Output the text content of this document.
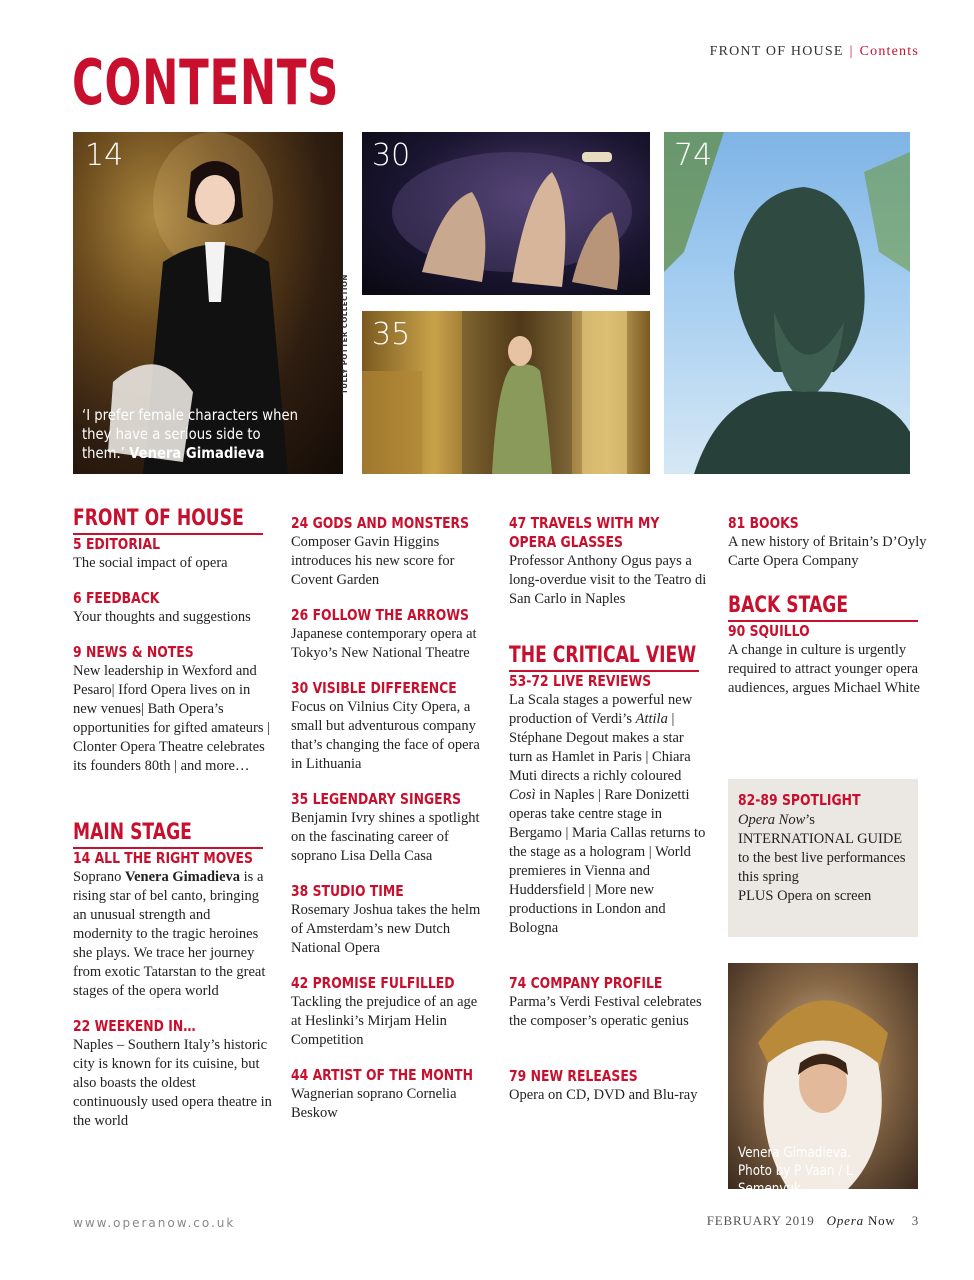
FRONT OF HOUSE | Contents
CONTENTS
14
‘I prefer female characters when they have a serious side to them.’ Venera Gimadieva
30
TULLY POTTER COLLECTION 35
74
FRONT OF HOUSE
5 EDITORIAL
The social impact of opera
6 FEEDBACK
Your thoughts and suggestions
9 NEWS & NOTES
New leadership in Wexford and Pesaro| Iford Opera lives on in new venues| Bath Opera’s opportunities for gifted amateurs | Clonter Opera Theatre celebrates its founders 80th | and more…
MAIN STAGE
14 ALL THE RIGHT MOVES
Soprano Venera Gimadieva is a rising star of bel canto, bringing an unusual strength and modernity to the tragic heroines she plays. We trace her journey from exotic Tatarstan to the great stages of the opera world
22 WEEKEND IN…
Naples – Southern Italy’s historic city is known for its cuisine, but also boasts the oldest continuously used opera theatre in the world
24 GODS AND MONSTERS
Composer Gavin Higgins introduces his new score for Covent Garden
26 FOLLOW THE ARROWS
Japanese contemporary opera at Tokyo’s New National Theatre
30 VISIBLE DIFFERENCE
Focus on Vilnius City Opera, a small but adventurous company that’s changing the face of opera in Lithuania
35 LEGENDARY SINGERS
Benjamin Ivry shines a spotlight on the fascinating career of soprano Lisa Della Casa
38 STUDIO TIME
Rosemary Joshua takes the helm of Amsterdam’s new Dutch National Opera
42 PROMISE FULFILLED
Tackling the prejudice of an age at Heslinki’s Mirjam Helin Competition
44 ARTIST OF THE MONTH
Wagnerian soprano Cornelia Beskow
47 TRAVELS WITH MY OPERA GLASSES
Professor Anthony Ogus pays a long-overdue visit to the Teatro di San Carlo in Naples
THE CRITICAL VIEW
53-72 LIVE REVIEWS
La Scala stages a powerful new production of Verdi’s Attila | Stéphane Degout makes a star turn as Hamlet in Paris | Chiara Muti directs a richly coloured Così in Naples | Rare Donizetti operas take centre stage in Bergamo | Maria Callas returns to the stage as a hologram | World premieres in Vienna and Huddersfield | More new productions in London and Bologna
74 COMPANY PROFILE
Parma’s Verdi Festival celebrates the composer’s operatic genius
79 NEW RELEASES
Opera on CD, DVD and Blu-ray
81 BOOKS
A new history of Britain’s D’Oyly Carte Opera Company
BACK STAGE
90 SQUILLO
A change in culture is urgently required to attract younger opera audiences, argues Michael White
82-89 SPOTLIGHT
Opera Now’s
INTERNATIONAL GUIDE
to the best live performances this spring
PLUS Opera on screen
Venera Gimadieva.
Photo by P Vaan / L Semenyuk
www.operanow.co.uk	FEBRUARY 2019 Opera Now 3
